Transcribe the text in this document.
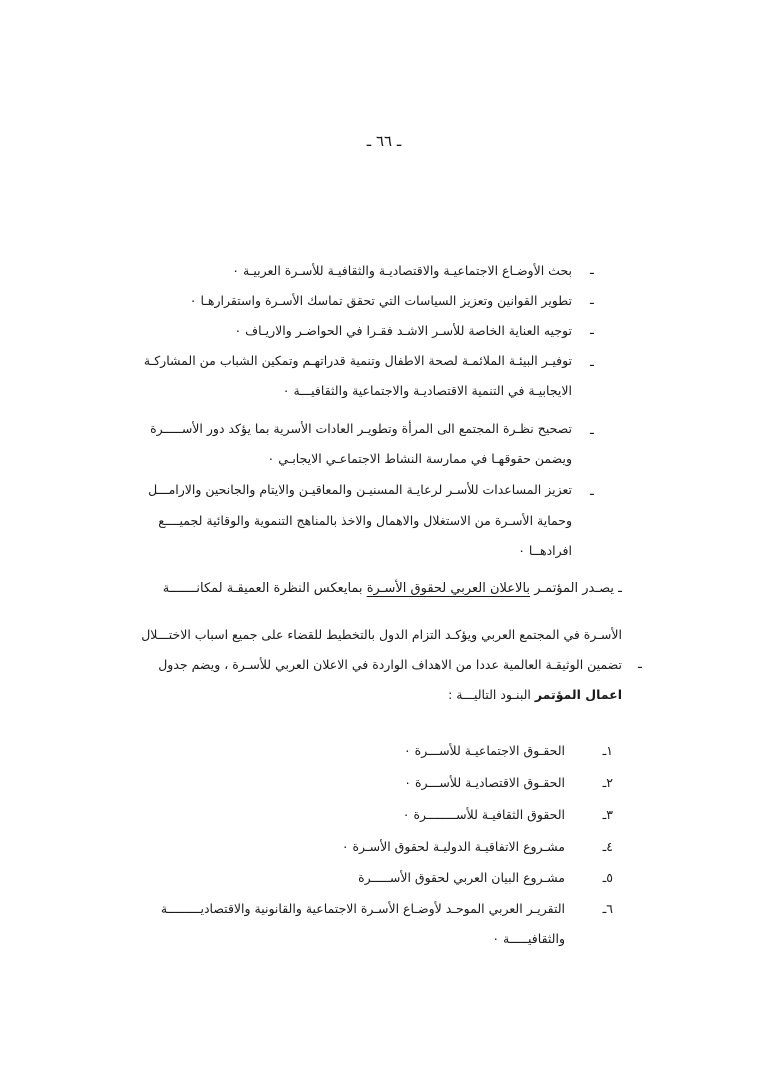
ـ ٦٦ ـ
ـ
بحث الأوضـاع الاجتماعيـة والاقتصاديـة والثقافيـة للأسـرة العربيـة ٠
ـ
تطوير القوانين وتعزيز السياسات التي تحقق تماسك الأسـرة واستقرارهـا ٠
ـ
توجيه العناية الخاصة للأسـر الاشـد فقـرا في الحواضـر والاريـاف ٠
ـ
توفيـر البيئـة الملائمـة لصحة الاطفال وتنمية قدراتهـم وتمكين الشباب من المشاركـة
الايجابيـة في التنمية الاقتصاديـة والاجتماعية والثقافيـــة ٠
ـ
تصحيح نظـرة المجتمع الى المرأة وتطويـر العادات الأسرية بما يؤكد دور الأســـــرة
ويضمن حقوقهـا في ممارسة النشاط الاجتماعـي الايجابـي ٠
ـ
تعزيز المساعدات للأسـر لرعايـة المسنيـن والمعاقيـن والايتام والجانحين والارامـــل
وحماية الأسـرة من الاستغلال والاهمال والاخذ بالمناهج التنموية والوقائية لجميــــع
افرادهــا ٠
ـ يصـدر المؤتمـر بالاعلان العربي لحقوق الأسـرة بمايعكس النظرة العميقـة لمكانـــــــة
الأسـرة في المجتمع العربي ويؤكـد التزام الدول بالتخطيط للقضاء على جميع اسباب الاختـــلال
ـ
تضمين الوثيقـة العالمية عددا من الاهداف الواردة في الاعلان العربي للأسـرة ، ويضم جدول
اعمال المؤتمر البنـود التاليـــة :
١ـ
الحقـوق الاجتماعيـة للأســـرة ٠
٢ـ
الحقـوق الاقتصاديـة للأســـرة ٠
٣ـ
الحقوق الثقافيـة للأســــــــرة ٠
٤ـ
مشـروع الاتفاقيـة الدوليـة لحقوق الأسـرة ٠
٥ـ
مشـروع البيان العربي لحقوق الأســـــرة
٦ـ
التقريـر العربي الموحـد لأوضـاع الأسـرة الاجتماعية والقانونية والاقتصاديـــــــــة
والثقافيـــــة ٠
